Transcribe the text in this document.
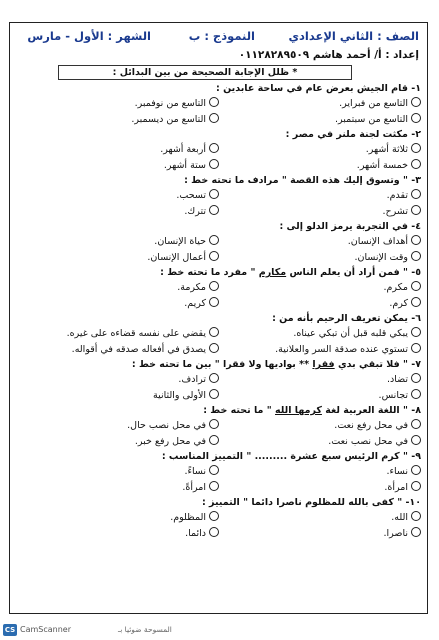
الصف : الثاني الإعدادي
النموذج : ب
الشهر : الأول - مارس
إعداد : أ/ أحمد هاشم ٠١١٢٨٢٨٩٥٠٩
* ظلل الإجابة الصحيحة من بين البدائل :
١- قام الجيش بعرض عام في ساحة عابدين :
التاسع من فبراير.
التاسع من نوفمبر.
التاسع من سبتمبر.
التاسع من ديسمبر.
٢- مكثت لجنة ملنر في مصر :
ثلاثة أشهر.
أربعة أشهر.
خمسة أشهر.
ستة أشهر.
٣- " وتسوق إليك هذه القصة " مرادف ما تحته خط :
تقدم.
تسحب.
تشرح.
تترك.
٤- في التجربة يرمز الدلو إلى :
أهداف الإنسان.
حياة الإنسان.
وقت الإنسان.
أعمال الإنسان.
٥- " فمن أراد أن يعلم الناس مكارم " مفرد ما تحته خط :
مكرم.
مكرمة.
كرم.
كريم.
٦- يمكن تعريف الرحيم بأنه من :
يبكي قلبه قبل أن تبكي عيناه.
يقضي على نفسه قضاءه على غيره.
تستوي عنده صدقة السر والعلانية.
يصدق في أفعاله صدقه في أقواله.
٧- " فلا تبقي بدي فقرا ** بواديها ولا فقرا " بين ما تحته خط :
تضاد.
ترادف.
تجانس.
الأولى والثانية
٨- " اللغة العربية لغة كرمها الله " ما تحته خط :
في محل رفع نعت.
في محل نصب حال.
في محل نصب نعت.
في محل رفع خبر.
٩- " كرم الرئيس سبع عشرة ......... " التمييز المناسب :
نساء.
نساءً.
امرأة.
امرأةً.
١٠- " كفى بالله للمظلوم ناصرا دائما " التمييز :
الله.
المظلوم.
ناصرا.
دائما.
CS CamScanner	المسوحة ضوئيا بـ
